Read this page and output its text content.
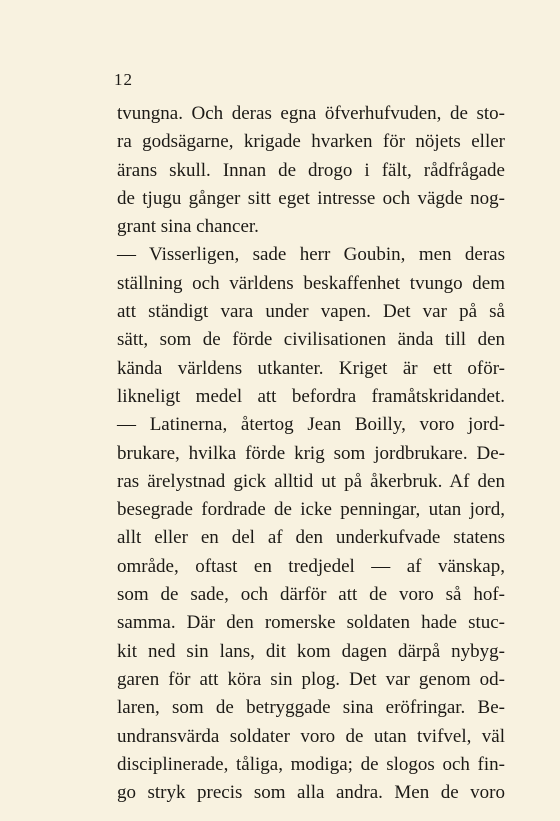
12
tvungna. Och deras egna öfverhufvuden, de sto-
ra godsägarne, krigade hvarken för nöjets eller
ärans skull. Innan de drogo i fält, rådfrågade
de tjugu gånger sitt eget intresse och vägde nog-
grant sina chancer.
— Visserligen, sade herr Goubin, men deras
ställning och världens beskaffenhet tvungo dem
att ständigt vara under vapen. Det var på så
sätt, som de förde civilisationen ända till den
kända världens utkanter. Kriget är ett oför-
likneligt medel att befordra framåtskridandet.
— Latinerna, återtog Jean Boilly, voro jord-
brukare, hvilka förde krig som jordbrukare. De-
ras ärelystnad gick alltid ut på åkerbruk. Af den
besegrade fordrade de icke penningar, utan jord,
allt eller en del af den underkufvade statens
område, oftast en tredjedel — af vänskap,
som de sade, och därför att de voro så hof-
samma. Där den romerske soldaten hade stuc-
kit ned sin lans, dit kom dagen därpå nybyg-
garen för att köra sin plog. Det var genom od-
laren, som de betryggade sina eröfringar. Be-
undransvärda soldater voro de utan tvifvel, väl
disciplinerade, tåliga, modiga; de slogos och fin-
go stryk precis som alla andra. Men de voro
